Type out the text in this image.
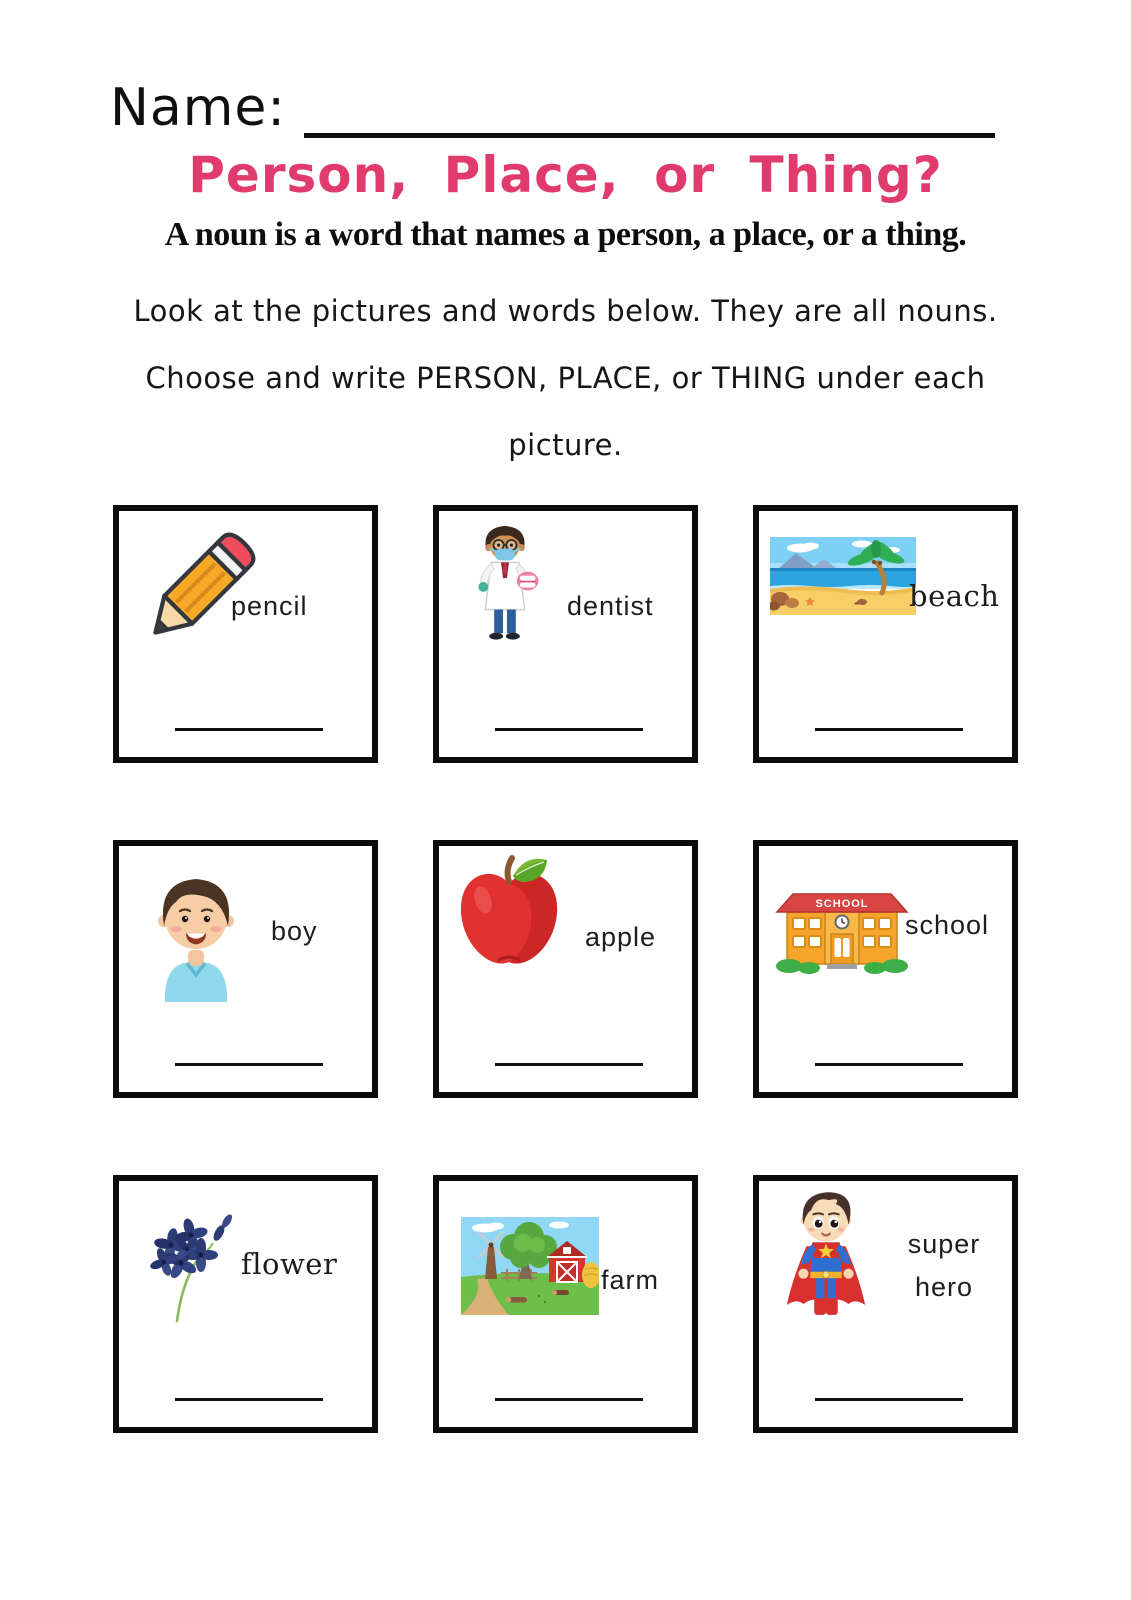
Name:
Person, Place, or Thing?
A noun is a word that names a person, a place, or a thing.
Look at the pictures and words below. They are all nouns.
Choose and write PERSON, PLACE, or THING under each
picture.
pencil	dentist	beach
boy	apple
SCHOOL
school
flower	farm
super hero
